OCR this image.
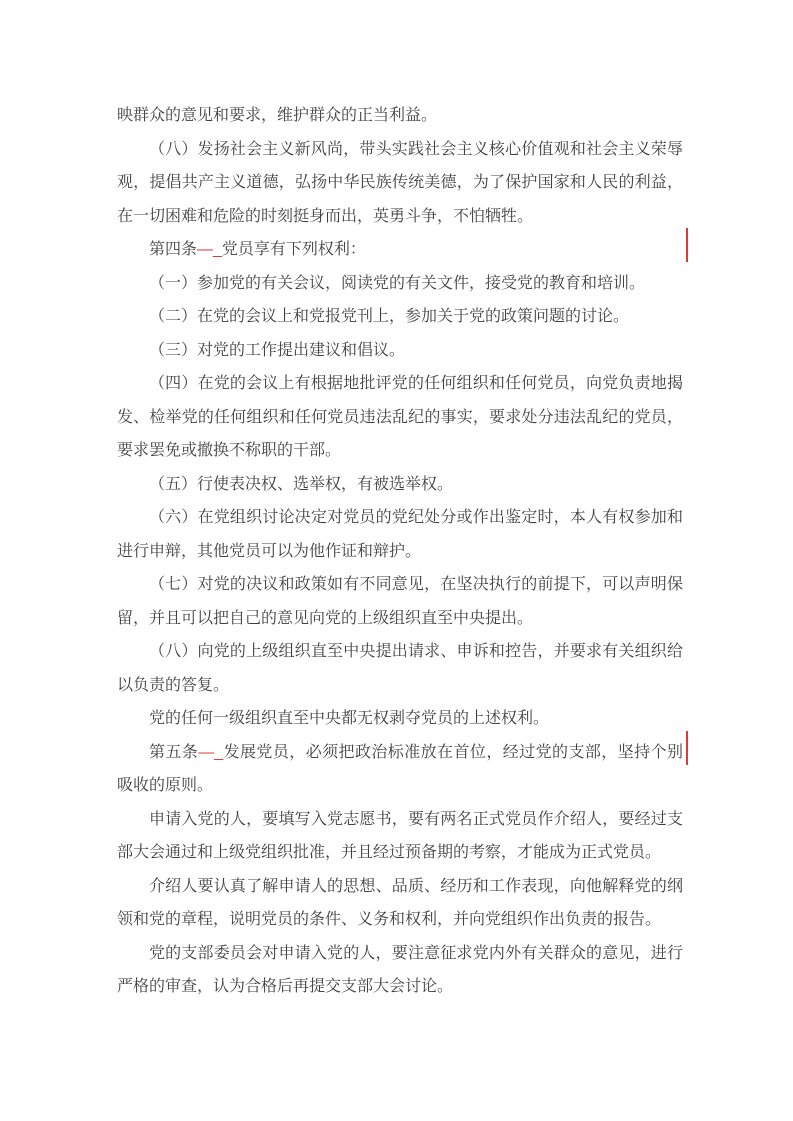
映群众的意见和要求，维护群众的正当利益。

（八）发扬社会主义新风尚，带头实践社会主义核心价值观和社会主义荣辱观，提倡共产主义道德，弘扬中华民族传统美德，为了保护国家和人民的利益，在一切困难和危险的时刻挺身而出，英勇斗争，不怕牺牲。

第四条—_党员享有下列权利：

（一）参加党的有关会议，阅读党的有关文件，接受党的教育和培训。

（二）在党的会议上和党报党刊上，参加关于党的政策问题的讨论。

（三）对党的工作提出建议和倡议。

（四）在党的会议上有根据地批评党的任何组织和任何党员，向党负责地揭发、检举党的任何组织和任何党员违法乱纪的事实，要求处分违法乱纪的党员，要求罢免或撤换不称职的干部。

（五）行使表决权、选举权，有被选举权。

（六）在党组织讨论决定对党员的党纪处分或作出鉴定时，本人有权参加和进行申辩，其他党员可以为他作证和辩护。

（七）对党的决议和政策如有不同意见，在坚决执行的前提下，可以声明保留，并且可以把自己的意见向党的上级组织直至中央提出。

（八）向党的上级组织直至中央提出请求、申诉和控告，并要求有关组织给以负责的答复。

党的任何一级组织直至中央都无权剥夺党员的上述权利。

第五条—_发展党员，必须把政治标准放在首位，经过党的支部，坚持个别吸收的原则。

申请入党的人，要填写入党志愿书，要有两名正式党员作介绍人，要经过支部大会通过和上级党组织批准，并且经过预备期的考察，才能成为正式党员。

介绍人要认真了解申请人的思想、品质、经历和工作表现，向他解释党的纲领和党的章程，说明党员的条件、义务和权利，并向党组织作出负责的报告。

党的支部委员会对申请入党的人，要注意征求党内外有关群众的意见，进行严格的审查，认为合格后再提交支部大会讨论。
